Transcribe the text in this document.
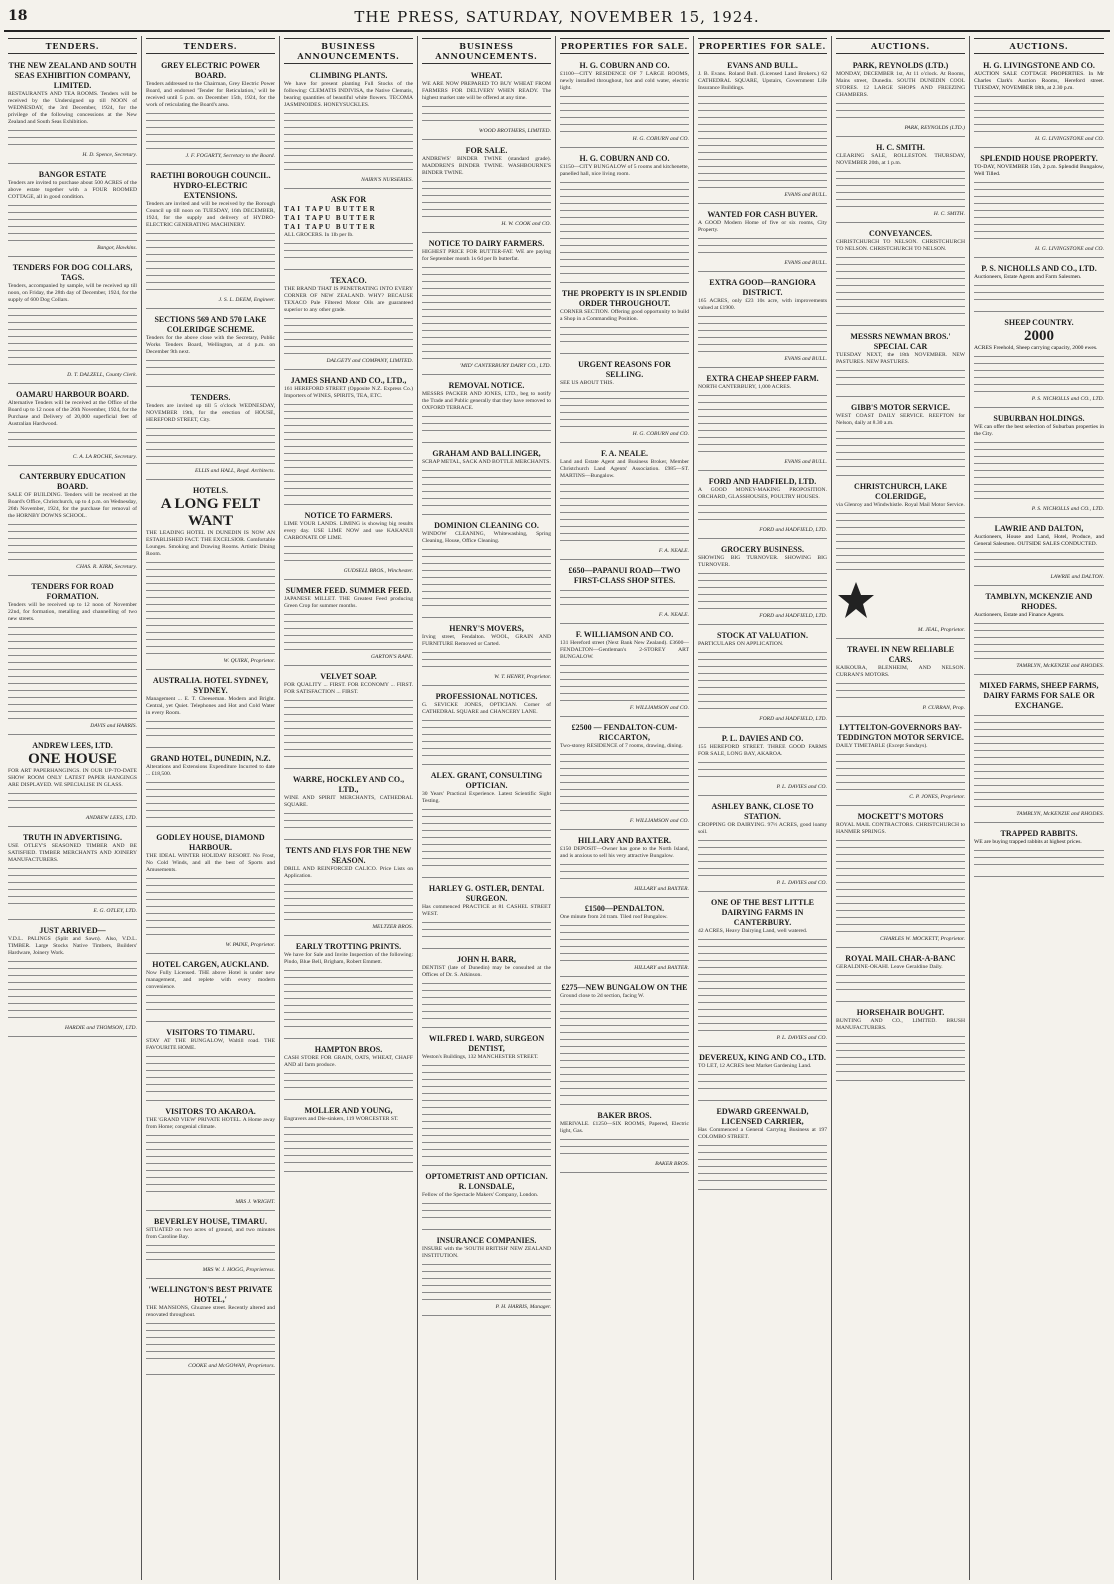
18	THE PRESS, SATURDAY, NOVEMBER 15, 1924.
TENDERS.
THE NEW ZEALAND AND SOUTH SEAS EXHIBITION COMPANY, LIMITED.
RESTAURANTS AND TEA ROOMS. Tenders will be received by the Undersigned up till NOON of WEDNESDAY, the 3rd December, 1924, for the privilege of the following concessions at the New Zealand and South Seas Exhibition.
H. D. Spence, Secretary.
BANGOR ESTATE
Tenders are invited to purchase about 500 ACRES of the above estate together with a FOUR ROOMED COTTAGE, all in good condition.
Bangor, Hawkins.
TENDERS FOR DOG COLLARS, TAGS.
Tenders, accompanied by sample, will be received up till noon, on Friday, the 28th day of December, 1924, for the supply of 600 Dog Collars.
D. T. DALZELL, County Clerk.
OAMARU HARBOUR BOARD.
Alternative Tenders will be received at the Office of the Board up to 12 noon of the 26th November, 1924, for the Purchase and Delivery of 20,000 superficial feet of Australian Hardwood.
C. A. LA ROCHE, Secretary.
CANTERBURY EDUCATION BOARD.
SALE OF BUILDING. Tenders will be received at the Board's Office, Christchurch, up to 4 p.m. on Wednesday, 26th November, 1924, for the purchase for removal of the HORNBY DOWNS SCHOOL.
CHAS. R. KIRK, Secretary.
TENDERS FOR ROAD FORMATION.
Tenders will be received up to 12 noon of November 22nd, for formation, metalling and channelling of two new streets.
DAVIS and HARRIS.
ANDREW LEES, LTD.
ONE HOUSE
FOR ART PAPERHANGINGS. IN OUR UP-TO-DATE SHOW ROOM ONLY LATEST PAPER HANGINGS ARE DISPLAYED. WE SPECIALISE IN GLASS.
ANDREW LEES, LTD.
TRUTH IN ADVERTISING.
USE OTLEY'S SEASONED TIMBER AND BE SATISFIED. TIMBER MERCHANTS AND JOINERY MANUFACTURERS.
E. G. OTLEY, LTD.
JUST ARRIVED—
V.D.L. PALINGS (Split and Sawn). Also, V.D.L. TIMBER. Large Stocks Native Timbers, Builders' Hardware, Joinery Work.
HARDIE and THOMSON, LTD.
TENDERS.
GREY ELECTRIC POWER BOARD.
Tenders addressed to the Chairman, Grey Electric Power Board, and endorsed 'Tender for Reticulation,' will be received until 5 p.m. on December 15th, 1924, for the work of reticulating the Board's area.
J. F. FOGARTY, Secretary to the Board.
RAETIHI BOROUGH COUNCIL. HYDRO-ELECTRIC EXTENSIONS.
Tenders are invited and will be received by the Borough Council up till noon on TUESDAY, 16th DECEMBER, 1924, for the supply and delivery of HYDRO-ELECTRIC GENERATING MACHINERY.
J. S. L. DEEM, Engineer.
SECTIONS 569 AND 570 LAKE COLERIDGE SCHEME.
Tenders for the above close with the Secretary, Public Works Tenders Board, Wellington, at 4 p.m. on December 9th next.
TENDERS.
Tenders are invited up till 5 o'clock WEDNESDAY, NOVEMBER 19th, for the erection of HOUSE, HEREFORD STREET, City.
ELLIS and HALL, Regd. Architects.
HOTELS.
A LONG FELT WANT
THE LEADING HOTEL IN DUNEDIN IS NOW AN ESTABLISHED FACT. THE EXCELSIOR. Comfortable Lounges. Smoking and Drawing Rooms. Artistic Dining Room.
W. QUIRK, Proprietor.
AUSTRALIA. HOTEL SYDNEY, SYDNEY.
Management ... E. T. Cheeseman. Modern and Bright. Central, yet Quiet. Telephones and Hot and Cold Water in every Room.
GRAND HOTEL, DUNEDIN, N.Z.
Alterations and Extensions Expenditure Incurred to date ... £18,500.
GODLEY HOUSE, DIAMOND HARBOUR.
THE IDEAL WINTER HOLIDAY RESORT. No Frost, No Cold Winds, and all the best of Sports and Amusements.
W. PAINE, Proprietor.
HOTEL CARGEN, AUCKLAND.
Now Fully Licensed. THE above Hotel is under new management, and replete with every modern convenience.
VISITORS TO TIMARU.
STAY AT THE BUNGALOW, Waltill road. THE FAVOURITE HOME.
VISITORS TO AKAROA.
THE 'GRAND VIEW' PRIVATE HOTEL. A Home away from Home; congenial climate.
MRS J. WRIGHT.
BEVERLEY HOUSE, TIMARU.
SITUATED on two acres of ground, and two minutes from Caroline Bay.
MRS W. J. HOGG, Proprietress.
'WELLINGTON'S BEST PRIVATE HOTEL,'
THE MANSIONS, Ghuznee street. Recently altered and renovated throughout.
COOKE and McGOWAN, Proprietors.
BUSINESS ANNOUNCEMENTS.
CLIMBING PLANTS.
We have for present planting Full Stocks of the following: CLEMATIS INDIVISA, the Native Clematis, bearing quantities of beautiful white flowers. TECOMA JASMINOIDES. HONEYSUCKLES.
NAIRN'S NURSERIES.
ASK FOR
TAI TAPU BUTTER
TAI TAPU BUTTER
TAI TAPU BUTTER
ALL GROCERS. In 1lb per lb.
TEXACO.
THE BRAND THAT IS PENETRATING INTO EVERY CORNER OF NEW ZEALAND. WHY? BECAUSE TEXACO Pale Filtered Motor Oils are guaranteed superior to any other grade.
DALGETY and COMPANY, LIMITED.
JAMES SHAND AND CO., LTD.,
161 HEREFORD STREET (Opposite N.Z. Express Co.) Importers of WINES, SPIRITS, TEA, ETC.
NOTICE TO FARMERS.
LIME YOUR LANDS. LIMING is showing big results every day. USE LIME NOW and use KAKANUI CARBONATE OF LIME.
GUDSELL BROS., Winchester.
SUMMER FEED. SUMMER FEED.
JAPANESE MILLET. THE Greatest Feed producing Green Crop for summer months.
GARTON'S RAPE.
VELVET SOAP.
FOR QUALITY ... FIRST. FOR ECONOMY ... FIRST. FOR SATISFACTION ... FIRST.
WARRE, HOCKLEY AND CO., LTD.,
WINE AND SPIRIT MERCHANTS, CATHEDRAL SQUARE.
TENTS AND FLYS FOR THE NEW SEASON.
DRILL AND REINFORCED CALICO. Price Lists on Application.
MELTZER BROS.
EARLY TROTTING PRINTS.
We have for Sale and Invite Inspection of the following: Pindo, Blue Bell, Brigham, Robert Emmett.
HAMPTON BROS.
CASH STORE FOR GRAIN, OATS, WHEAT, CHAFF AND all farm produce.
MOLLER AND YOUNG,
Engravers and Die-sinkers, 119 WORCESTER ST.
BUSINESS ANNOUNCEMENTS.
WHEAT.
WE ARE NOW PREPARED TO BUY WHEAT FROM FARMERS FOR DELIVERY WHEN READY. The highest market rate will be offered at any time.
WOOD BROTHERS, LIMITED.
FOR SALE.
ANDREWS' BINDER TWINE (standard grade). MADDREN'S BINDER TWINE. WASHBOURNE'S BINDER TWINE.
H. W. COOK and CO.
NOTICE TO DAIRY FARMERS.
HIGHEST PRICE FOR BUTTER-FAT. WE are paying for September month 1s 6d per lb butterfat.
'MID' CANTERBURY DAIRY CO., LTD.
REMOVAL NOTICE.
MESSRS PACKER AND JONES, LTD., beg to notify the Trade and Public generally that they have removed to OXFORD TERRACE.
GRAHAM AND BALLINGER,
SCRAP METAL, SACK AND BOTTLE MERCHANTS.
DOMINION CLEANING CO.
WINDOW CLEANING, Whitewashing, Spring Cleaning, House, Office Cleaning.
HENRY'S MOVERS,
Irving street, Fendalton. WOOL, GRAIN AND FURNITURE Removed or Carted.
W. T. HENRY, Proprietor.
PROFESSIONAL NOTICES.
G. SEVICKE JONES, OPTICIAN. Corner of CATHEDRAL SQUARE and CHANCERY LANE.
ALEX. GRANT, CONSULTING OPTICIAN.
30 Years' Practical Experience. Latest Scientific Sight Testing.
HARLEY G. OSTLER, DENTAL SURGEON.
Has commenced PRACTICE at 81 CASHEL STREET WEST.
JOHN H. BARR,
DENTIST (late of Dunedin) may be consulted at the Offices of Dr. S. Atkinson.
WILFRED I. WARD, SURGEON DENTIST,
Weston's Buildings, 132 MANCHESTER STREET.
OPTOMETRIST AND OPTICIAN. R. LONSDALE,
Fellow of the Spectacle Makers' Company, London.
INSURANCE COMPANIES.
INSURE with the 'SOUTH BRITISH' NEW ZEALAND INSTITUTION.
P. H. HARRIS, Manager.
PROPERTIES FOR SALE.
H. G. COBURN AND CO.
£1100—CITY RESIDENCE OF 7 LARGE ROOMS, newly installed throughout, hot and cold water, electric light.
H. G. COBURN and CO.
H. G. COBURN AND CO.
£1150—CITY BUNGALOW of 5 rooms and kitchenette, panelled hall, nice living room.
THE PROPERTY IS IN SPLENDID ORDER THROUGHOUT.
CORNER SECTION. Offering good opportunity to build a Shop in a Commanding Position.
URGENT REASONS FOR SELLING.
SEE US ABOUT THIS.
H. G. COBURN and CO.
F. A. NEALE.
Land and Estate Agent and Business Broker, Member Christchurch Land Agents' Association. £985—ST. MARTINS—Bungalow.
F. A. NEALE.
£650—PAPANUI ROAD—TWO FIRST-CLASS SHOP SITES.
F. A. NEALE.
F. WILLIAMSON AND CO.
131 Hereford street (Next Bank New Zealand). £3600—FENDALTON—Gentleman's 2-STOREY ART BUNGALOW.
F. WILLIAMSON and CO.
£2500 — FENDALTON-CUM-RICCARTON,
Two-storey RESIDENCE of 7 rooms, drawing, dining.
F. WILLIAMSON and CO.
HILLARY AND BAXTER.
£150 DEPOSIT—Owner has gone to the North Island, and is anxious to sell his very attractive Bungalow.
HILLARY and BAXTER.
£1500—PENDALTON.
One minute from 2d tram. Tiled roof Bungalow.
HILLARY and BAXTER.
£275—NEW BUNGALOW ON THE
Ground close to 2d section, facing W.
BAKER BROS.
MERIVALE. £1250—SIX ROOMS, Papered, Electric light, Gas.
BAKER BROS.
PROPERTIES FOR SALE.
EVANS AND BULL.
J. B. Evans. Roland Bull. (Licensed Land Brokers.) 62 CATHEDRAL SQUARE, Upstairs, Government Life Insurance Buildings.
EVANS and BULL.
WANTED FOR CASH BUYER.
A GOOD Modern Home of five or six rooms, City Property.
EVANS and BULL.
EXTRA GOOD—RANGIORA DISTRICT.
165 ACRES, only £23 10s acre, with improvements valued at £1900.
EVANS and BULL.
EXTRA CHEAP SHEEP FARM.
NORTH CANTERBURY, 1,000 ACRES.
EVANS and BULL.
FORD AND HADFIELD, LTD.
A GOOD MONEY-MAKING PROPOSITION. ORCHARD, GLASSHOUSES, POULTRY HOUSES.
FORD and HADFIELD, LTD.
GROCERY BUSINESS.
SHOWING BIG TURNOVER. SHOWING BIG TURNOVER.
FORD and HADFIELD, LTD.
STOCK AT VALUATION.
PARTICULARS ON APPLICATION.
FORD and HADFIELD, LTD.
P. L. DAVIES AND CO.
155 HEREFORD STREET. THREE GOOD FARMS FOR SALE, LONG BAY, AKAROA.
P. L. DAVIES and CO.
ASHLEY BANK, CLOSE TO STATION.
CROPPING OR DAIRYING. 97½ ACRES, good loamy soil.
P. L. DAVIES and CO.
ONE OF THE BEST LITTLE DAIRYING FARMS IN CANTERBURY.
42 ACRES, Heavy Dairying Land, well watered.
P. L. DAVIES and CO.
DEVEREUX, KING AND CO., LTD.
TO LET, 12 ACRES best Market Gardening Land.
EDWARD GREENWALD, LICENSED CARRIER,
Has Commenced a General Carrying Business at 197 COLOMBO STREET.
AUCTIONS.
PARK, REYNOLDS (LTD.)
MONDAY, DECEMBER 1st, At 11 o'clock. At Rooms, Mains street, Dunedin. SOUTH DUNEDIN COOL STORES. 12 LARGE SHOPS AND FREEZING CHAMBERS.
PARK, REYNOLDS (LTD.)
H. C. SMITH.
CLEARING SALE, ROLLESTON. THURSDAY, NOVEMBER 20th, at 1 p.m.
H. C. SMITH.
CONVEYANCES.
CHRISTCHURCH TO NELSON. CHRISTCHURCH TO NELSON. CHRISTCHURCH TO NELSON.
MESSRS NEWMAN BROS.' SPECIAL CAR
TUESDAY NEXT, the 18th NOVEMBER. NEW PASTURES. NEW PASTURES.
GIBB'S MOTOR SERVICE.
WEST COAST DAILY SERVICE. REEFTON for Nelson, daily at 8.30 a.m.
CHRISTCHURCH, LAKE COLERIDGE,
via Glenroy and Windwhistle. Royal Mail Motor Service.
M. JEAL, Proprietor.
TRAVEL IN NEW RELIABLE CARS.
KAIKOURA, BLENHEIM, AND NELSON. CURRAN'S MOTORS.
P. CURRAN, Prop.
LYTTELTON-GOVERNORS BAY-TEDDINGTON MOTOR SERVICE.
DAILY TIMETABLE (Except Sundays).
C. P. JONES, Proprietor.
MOCKETT'S MOTORS
ROYAL MAIL CONTRACTORS. CHRISTCHURCH to HANMER SPRINGS.
CHARLES W. MOCKETT, Proprietor.
ROYAL MAIL CHAR-A-BANC
GERALDINE-OKAHI. Leave Geraldine Daily.
HORSEHAIR BOUGHT.
BUNTING AND CO., LIMITED. BRUSH MANUFACTURERS.
AUCTIONS.
H. G. LIVINGSTONE AND CO.
AUCTION SALE COTTAGE PROPERTIES. In Mr Charles Clark's Auction Rooms, Hereford street. TUESDAY, NOVEMBER 18th, at 2.30 p.m.
H. G. LIVINGSTONE and CO.
SPLENDID HOUSE PROPERTY.
TO-DAY, NOVEMBER 15th, 2 p.m. Splendid Bungalow, Well Tilled.
H. G. LIVINGSTONE and CO.
P. S. NICHOLLS AND CO., LTD.
Auctioneers, Estate Agents and Farm Salesmen.
SHEEP COUNTRY.
2000
ACRES Freehold, Sheep carrying capacity, 2000 ewes.
P. S. NICHOLLS and CO., LTD.
SUBURBAN HOLDINGS.
WE can offer the best selection of Suburban properties in the City.
P. S. NICHOLLS and CO., LTD.
LAWRIE AND DALTON,
Auctioneers, House and Land, Hotel, Produce, and General Salesmen. OUTSIDE SALES CONDUCTED.
LAWRIE and DALTON.
TAMBLYN, MCKENZIE AND RHODES.
Auctioneers, Estate and Finance Agents.
TAMBLYN, McKENZIE and RHODES.
MIXED FARMS, SHEEP FARMS, DAIRY FARMS FOR SALE OR EXCHANGE.
TAMBLYN, McKENZIE and RHODES.
TRAPPED RABBITS.
WE are buying trapped rabbits at highest prices.
